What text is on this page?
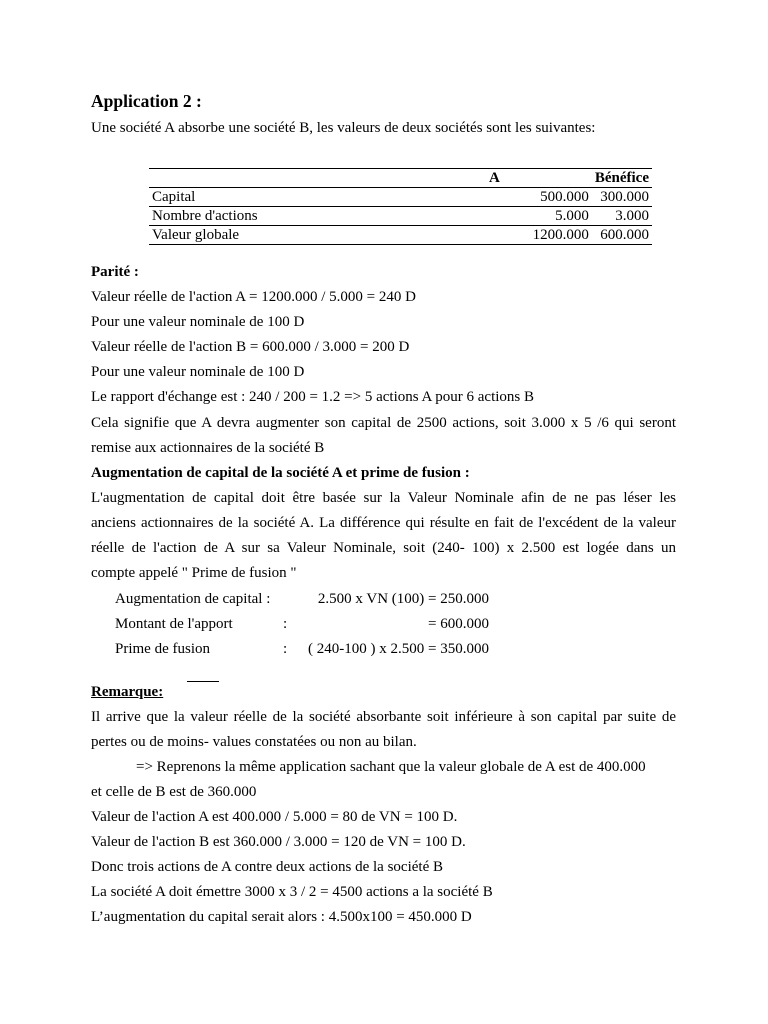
Application 2 :
Une société A absorbe une société B, les valeurs de deux sociétés sont les suivantes:
	A	Bénéfice
Capital	500.000	300.000
Nombre d'actions	5.000	3.000
Valeur globale	1200.000	600.000
Parité :
Valeur réelle de l'action A = 1200.000 / 5.000 = 240 D
Pour une valeur nominale de 100 D
Valeur réelle de l'action B = 600.000 / 3.000 = 200 D
Pour une valeur nominale de 100 D
Le rapport d'échange est : 240 / 200 = 1.2 => 5 actions A pour 6 actions B
Cela signifie que A devra augmenter son capital de 2500 actions, soit 3.000 x 5 /6 qui seront
remise aux actionnaires de la société B
Augmentation de capital de la société A et prime de fusion :
L'augmentation de capital doit être basée sur la Valeur Nominale afin de ne pas léser les
anciens actionnaires de la société A. La différence qui résulte en fait de l'excédent de la valeur
réelle de l'action de A sur sa Valeur Nominale, soit (240- 100) x 2.500 est logée dans un
compte appelé " Prime de fusion "
Augmentation de capital :	2.500 x VN (100) = 250.000
Montant de l'apport	:	= 600.000
Prime de fusion	: ( 240-100 ) x 2.500 = 350.000
Remarque:
Il arrive que la valeur réelle de la société absorbante soit inférieure à son capital par suite de
pertes ou de moins- values constatées ou non au bilan.
=> Reprenons la même application sachant que la valeur globale de A est de 400.000
et celle de B est de 360.000
Valeur de l'action A est 400.000 / 5.000 = 80 de VN = 100 D.
Valeur de l'action B est 360.000 / 3.000 = 120 de VN = 100 D.
Donc trois actions de A contre deux actions de la société B
La société A doit émettre 3000 x 3 / 2 = 4500 actions a la société B
L’augmentation du capital serait alors : 4.500x100 = 450.000 D
